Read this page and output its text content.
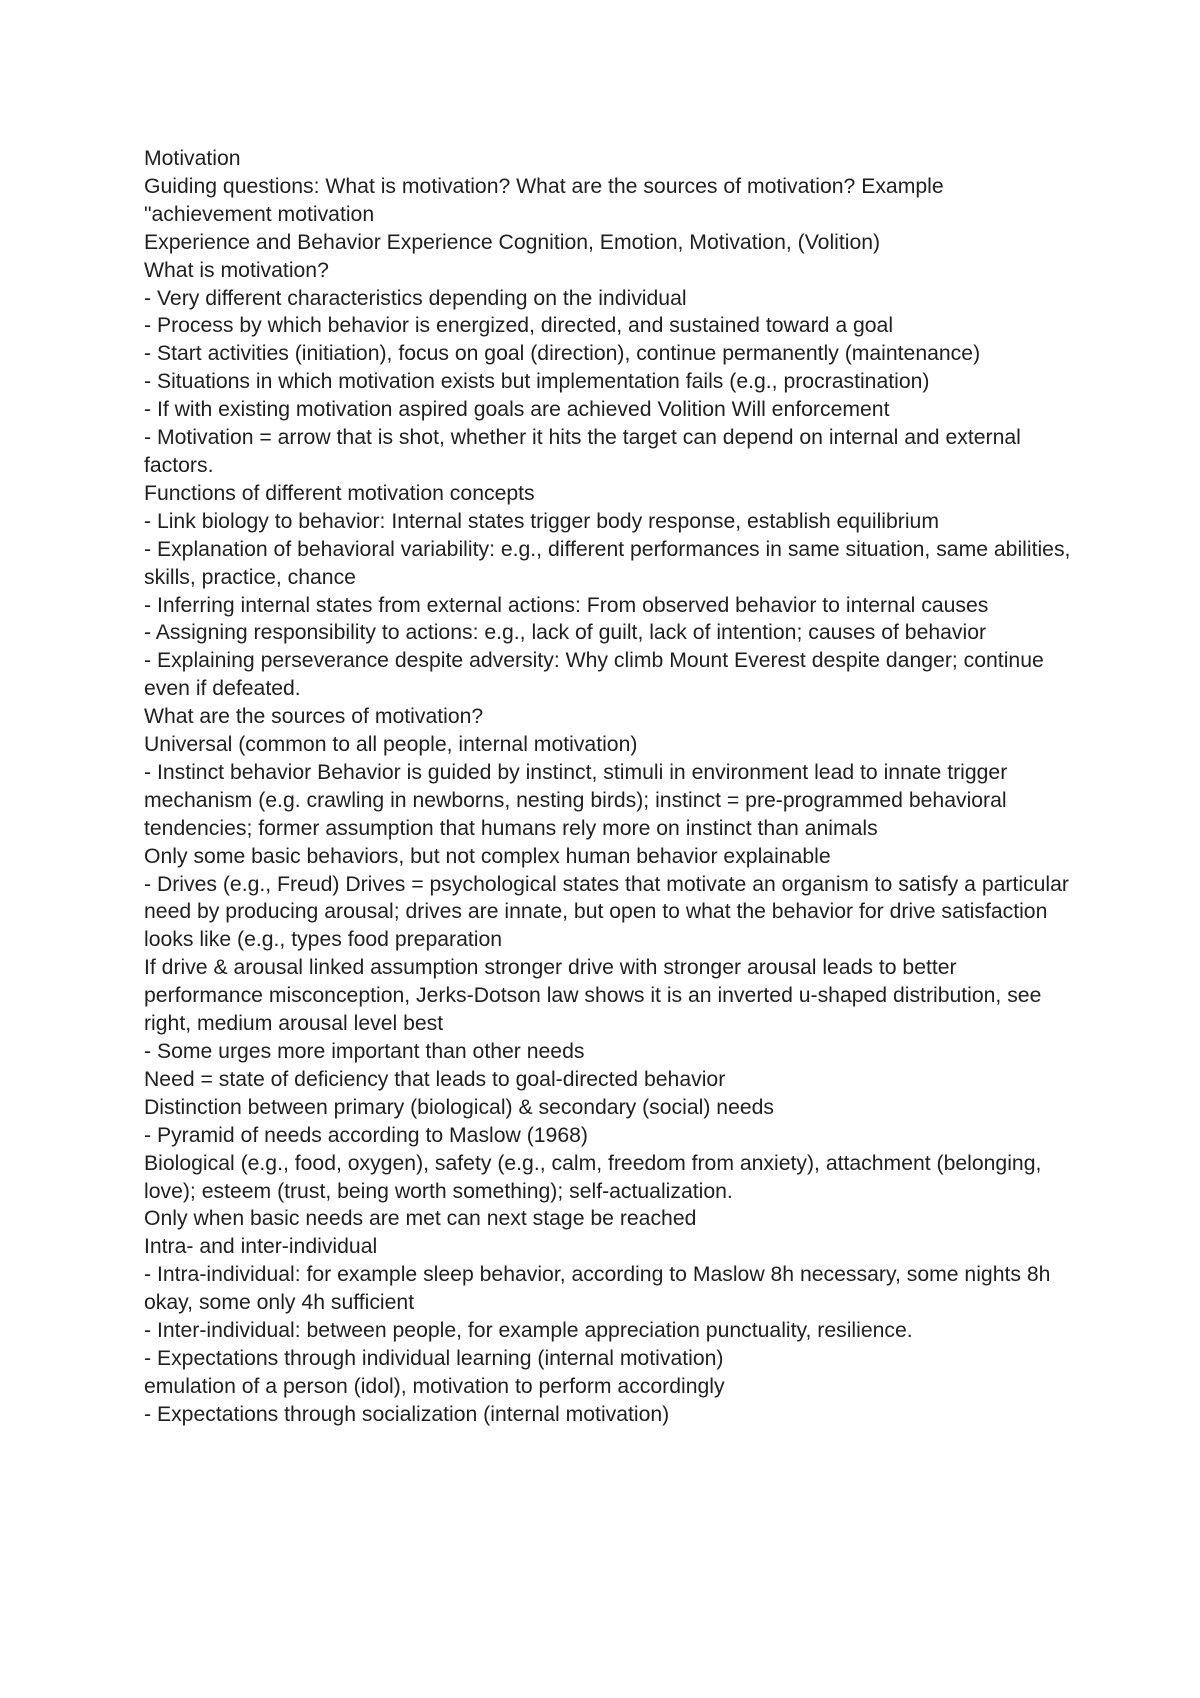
Motivation

Guiding questions: What is motivation? What are the sources of motivation? Example "achievement motivation

Experience and Behavior Experience Cognition, Emotion, Motivation, (Volition)

What is motivation?

- Very different characteristics depending on the individual

- Process by which behavior is energized, directed, and sustained toward a goal

- Start activities (initiation), focus on goal (direction), continue permanently (maintenance)

- Situations in which motivation exists but implementation fails (e.g., procrastination)

- If with existing motivation aspired goals are achieved Volition Will enforcement

- Motivation = arrow that is shot, whether it hits the target can depend on internal and external factors.

Functions of different motivation concepts

- Link biology to behavior: Internal states trigger body response, establish equilibrium

- Explanation of behavioral variability: e.g., different performances in same situation, same abilities, skills, practice, chance

- Inferring internal states from external actions: From observed behavior to internal causes

- Assigning responsibility to actions: e.g., lack of guilt, lack of intention; causes of behavior

- Explaining perseverance despite adversity: Why climb Mount Everest despite danger; continue even if defeated.

What are the sources of motivation?

Universal (common to all people, internal motivation)

- Instinct behavior Behavior is guided by instinct, stimuli in environment lead to innate trigger mechanism (e.g. crawling in newborns, nesting birds); instinct = pre-programmed behavioral tendencies; former assumption that humans rely more on instinct than animals

Only some basic behaviors, but not complex human behavior explainable

- Drives (e.g., Freud) Drives = psychological states that motivate an organism to satisfy a particular need by producing arousal; drives are innate, but open to what the behavior for drive satisfaction looks like (e.g., types food preparation

If drive & arousal linked assumption stronger drive with stronger arousal leads to better performance misconception, Jerks-Dotson law shows it is an inverted u-shaped distribution, see right, medium arousal level best

- Some urges more important than other needs

Need = state of deficiency that leads to goal-directed behavior

Distinction between primary (biological) & secondary (social) needs

- Pyramid of needs according to Maslow (1968)

Biological (e.g., food, oxygen), safety (e.g., calm, freedom from anxiety), attachment (belonging, love); esteem (trust, being worth something); self-actualization.

Only when basic needs are met can next stage be reached

Intra- and inter-individual

- Intra-individual: for example sleep behavior, according to Maslow 8h necessary, some nights 8h okay, some only 4h sufficient

- Inter-individual: between people, for example appreciation punctuality, resilience.

- Expectations through individual learning (internal motivation)

emulation of a person (idol), motivation to perform accordingly

- Expectations through socialization (internal motivation)
